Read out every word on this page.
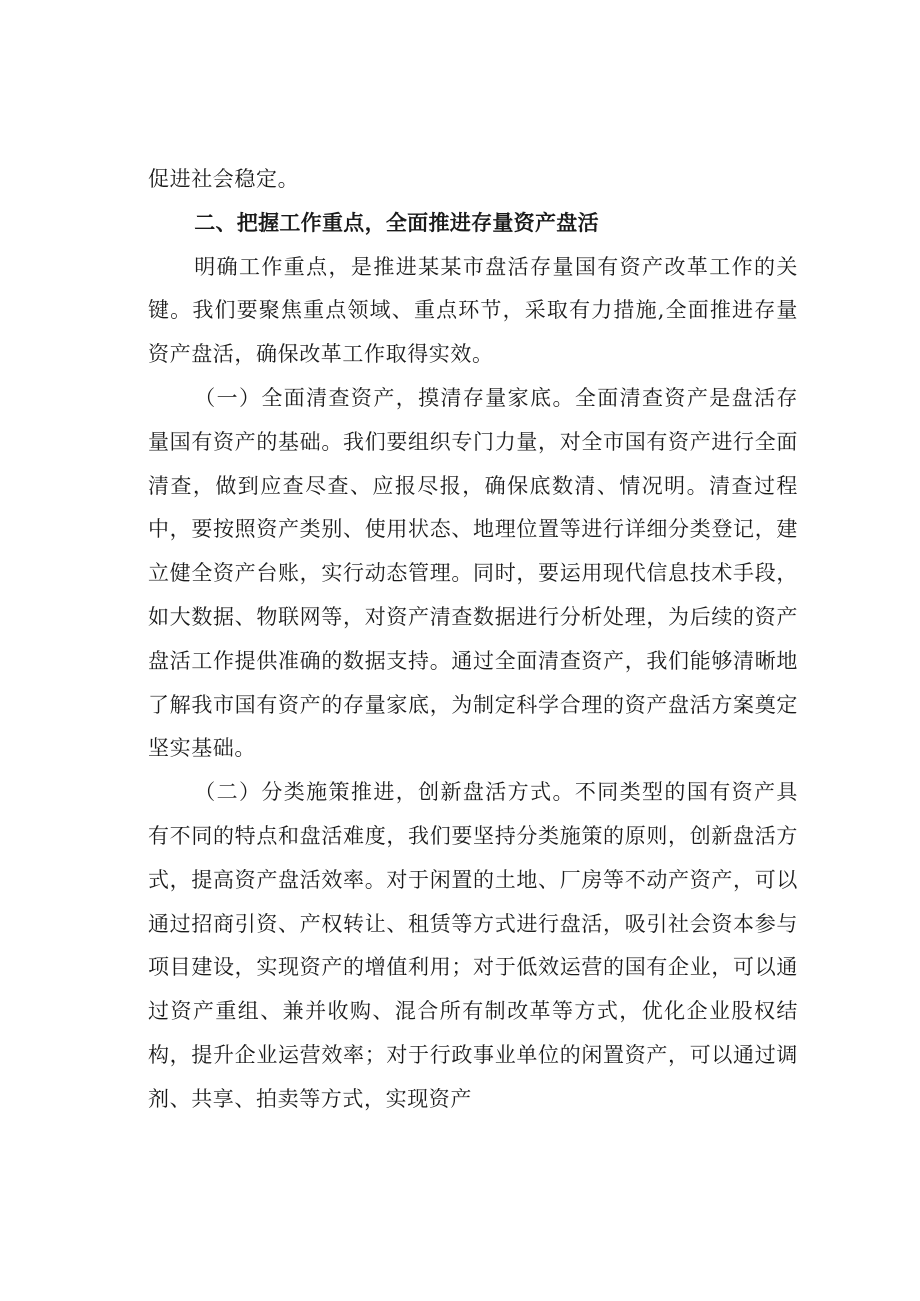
促进社会稳定。

二、把握工作重点，全面推进存量资产盘活

明确工作重点，是推进某某市盘活存量国有资产改革工作的关键。我们要聚焦重点领域、重点环节，采取有力措施,全面推进存量资产盘活，确保改革工作取得实效。

（一）全面清查资产，摸清存量家底。全面清查资产是盘活存量国有资产的基础。我们要组织专门力量，对全市国有资产进行全面清查，做到应查尽查、应报尽报，确保底数清、情况明。清查过程中，要按照资产类别、使用状态、地理位置等进行详细分类登记，建立健全资产台账，实行动态管理。同时，要运用现代信息技术手段，如大数据、物联网等，对资产清查数据进行分析处理，为后续的资产盘活工作提供准确的数据支持。通过全面清查资产，我们能够清晰地了解我市国有资产的存量家底，为制定科学合理的资产盘活方案奠定坚实基础。

（二）分类施策推进，创新盘活方式。不同类型的国有资产具有不同的特点和盘活难度，我们要坚持分类施策的原则，创新盘活方式，提高资产盘活效率。对于闲置的土地、厂房等不动产资产，可以通过招商引资、产权转让、租赁等方式进行盘活，吸引社会资本参与项目建设，实现资产的增值利用；对于低效运营的国有企业，可以通过资产重组、兼并收购、混合所有制改革等方式，优化企业股权结构，提升企业运营效率；对于行政事业单位的闲置资产，可以通过调剂、共享、拍卖等方式，实现资产
